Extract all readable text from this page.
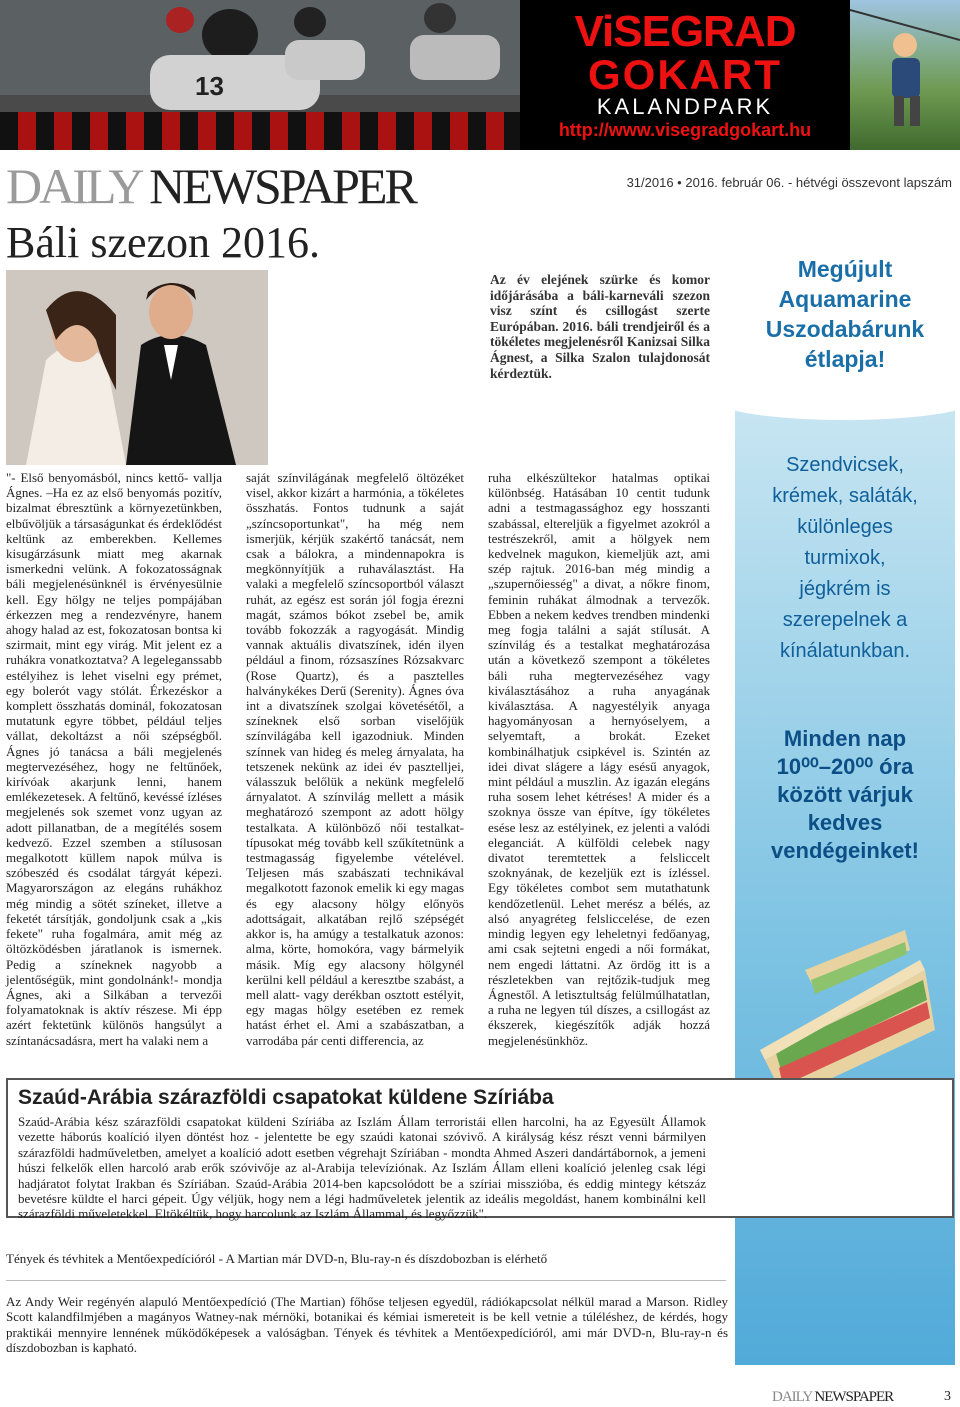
13
ViSEGRAD
GOKART
KALANDPARK
http://www.visegradgokart.hu
DAILY NEWSPAPER	31/2016 • 2016. február 06. - hétvégi összevont lapszám
Báli szezon 2016.
Az év elejének szürke és komor időjárásába a báli-karneváli szezon visz színt és csillogást szerte Európában. 2016. báli trendjeiről és a tökéletes megjelenésről Kanizsai Silka Ágnest, a Silka Szalon tulajdonosát kérdeztük.
"- Első benyomásból, nincs kettő- vallja Ágnes. –Ha ez az első benyomás pozitív, bizalmat ébresztünk a környezetünkben, elbűvöljük a társaságunkat és érdeklődést keltünk az emberekben. Kellemes kisugárzásunk miatt meg akarnak ismerkedni velünk. A fokozatosságnak báli megjelenésünknél is érvényesülnie kell. Egy hölgy ne teljes pompájában érkezzen meg a rendezvényre, hanem ahogy halad az est, fokozatosan bontsa ki szirmait, mint egy virág. Mit jelent ez a ruhákra vonatkoztatva? A legeleganssabb estélyihez is lehet viselni egy prémet, egy bolerót vagy stólát. Érkezéskor a komplett összhatás dominál, fokozatosan mutatunk egyre többet, például teljes vállat, dekoltázst a női szépségből. Ágnes jó tanácsa a báli megjelenés megtervezéséhez, hogy ne feltűnőek, kirívóak akarjunk lenni, hanem emlékezetesek. A feltűnő, kevéssé ízléses megjelenés sok szemet vonz ugyan az adott pillanatban, de a megítélés sosem kedvező. Ezzel szemben a stílusosan megalkotott küllem napok múlva is szóbeszéd és csodálat tárgyát képezi. Magyarországon az elegáns ruhákhoz még mindig a sötét színeket, illetve a feketét társítják, gondoljunk csak a „kis fekete" ruha fogalmára, amit még az öltözködésben járatlanok is ismernek. Pedig a színeknek nagyobb a jelentőségük, mint gondolnánk!- mondja Ágnes, aki a Silkában a tervezői folyamatoknak is aktív részese. Mi épp azért fektetünk különös hangsúlyt a színtanácsadásra, mert ha valaki nem a
saját színvilágának megfelelő öltözéket visel, akkor kizárt a harmónia, a tökéletes összhatás. Fontos tudnunk a saját „színcsoportunkat", ha még nem ismerjük, kérjük szakértő tanácsát, nem csak a bálokra, a mindennapokra is megkönnyítjük a ruhaválasztást. Ha valaki a megfelelő színcsoportból választ ruhát, az egész est során jól fogja érezni magát, számos bókot zsebel be, amik tovább fokozzák a ragyogását. Mindig vannak aktuális divatszínek, idén ilyen például a finom, rózsaszínes Rózsakvarc (Rose Quartz), és a pasztelles halványkékes Derű (Serenity). Ágnes óva int a divatszínek szolgai követésétől, a színeknek első sorban viselőjük színvilágába kell igazodniuk. Minden színnek van hideg és meleg árnyalata, ha tetszenek nekünk az idei év pasztelljei, válasszuk belőlük a nekünk megfelelő árnyalatot. A színvilág mellett a másik meghatározó szempont az adott hölgy testalkata. A különböző női testalkat-típusokat még tovább kell szűkítetnünk a testmagasság figyelembe vételével. Teljesen más szabászati technikával megalkotott fazonok emelik ki egy magas és egy alacsony hölgy előnyös adottságait, alkatában rejlő szépségét akkor is, ha amúgy a testalkatuk azonos: alma, körte, homokóra, vagy bármelyik másik. Míg egy alacsony hölgynél kerülni kell például a keresztbe szabást, a mell alatt- vagy derékban osztott estélyit, egy magas hölgy esetében ez remek hatást érhet el. Ami a szabászatban, a varrodába pár centi differencia, az
ruha elkészültekor hatalmas optikai különbség. Hatásában 10 centit tudunk adni a testmagassághoz egy hosszanti szabással, eltereljük a figyelmet azokról a testrészekről, amit a hölgyek nem kedvelnek magukon, kiemeljük azt, ami szép rajtuk. 2016-ban még mindig a „szupernőiesség" a divat, a nőkre finom, feminin ruhákat álmodnak a tervezők. Ebben a nekem kedves trendben mindenki meg fogja találni a saját stílusát. A színvilág és a testalkat meghatározása után a következő szempont a tökéletes báli ruha megtervezéséhez vagy kiválasztásához a ruha anyagának kiválasztása. A nagyestélyik anyaga hagyományosan a hernyóselyem, a selyemtaft, a brokát. Ezeket kombinálhatjuk csipkével is. Szintén az idei divat slágere a lágy esésű anyagok, mint például a muszlin. Az igazán elegáns ruha sosem lehet kétréses! A mider és a szoknya össze van építve, így tökéletes esése lesz az estélyinek, ez jelenti a valódi eleganciát. A külföldi celebek nagy divatot teremtettek a felsliccelt szoknyának, de kezeljük ezt is ízléssel. Egy tökéletes combot sem mutathatunk kendőzetlenül. Lehet merész a bélés, az alsó anyagréteg felsliccelése, de ezen mindig legyen egy leheletnyi fedőanyag, ami csak sejtetni engedi a női formákat, nem engedi láttatni. Az ördög itt is a részletekben van rejtőzik-tudjuk meg Ágnestől. A letisztultság felülmúlhatatlan, a ruha ne legyen túl díszes, a csillogást az ékszerek, kiegészítők adják hozzá megjelenésünkhöz.
Megújult
Aquamarine
Uszodabárunk
étlapja!
Szendvicsek,
krémek, saláták,
különleges
turmixok,
jégkrém is
szerepelnek a
kínálatunkban.
Minden nap
10⁰⁰–20⁰⁰ óra
között várjuk
kedves
vendégeinket!
Szaúd-Arábia szárazföldi csapatokat küldene Szíriába

Szaúd-Arábia kész szárazföldi csapatokat küldeni Szíriába az Iszlám Állam terroristái ellen harcolni, ha az Egyesült Államok vezette háborús koalíció ilyen döntést hoz - jelentette be egy szaúdi katonai szóvivő. A királyság kész részt venni bármilyen szárazföldi hadműveletben, amelyet a koalíció adott esetben végrehajt Szíriában - mondta Ahmed Aszeri dandártábornok, a jemeni húszi felkelők ellen harcoló arab erők szóvivője az al-Arabija televíziónak. Az Iszlám Állam elleni koalíció jelenleg csak légi hadjáratot folytat Irakban és Szíriában. Szaúd-Arábia 2014-ben kapcsolódott be a szíriai misszióba, és eddig mintegy kétszáz bevetésre küldte el harci gépeit. Úgy véljük, hogy nem a légi hadműveletek jelentik az ideális megoldást, hanem kombinálni kell szárazföldi műveletekkel. Eltökéltük, hogy harcolunk az Iszlám Állammal, és legyőzzük".

Tények és tévhitek a Mentőexpedícióról - A Martian már DVD-n, Blu-ray-n és díszdobozban is elérhető
Az Andy Weir regényén alapuló Mentőexpedíció (The Martian) főhőse teljesen egyedül, rádiókapcsolat nélkül marad a Marson. Ridley Scott kalandfilmjében a magányos Watney-nak mérnöki, botanikai és kémiai ismereteit is be kell vetnie a túléléshez, de kérdés, hogy praktikái mennyire lennének működőképesek a valóságban. Tények és tévhitek a Mentőexpedícióról, ami már DVD-n, Blu-ray-n és díszdobozban is kapható.
DAILY NEWSPAPER	3
